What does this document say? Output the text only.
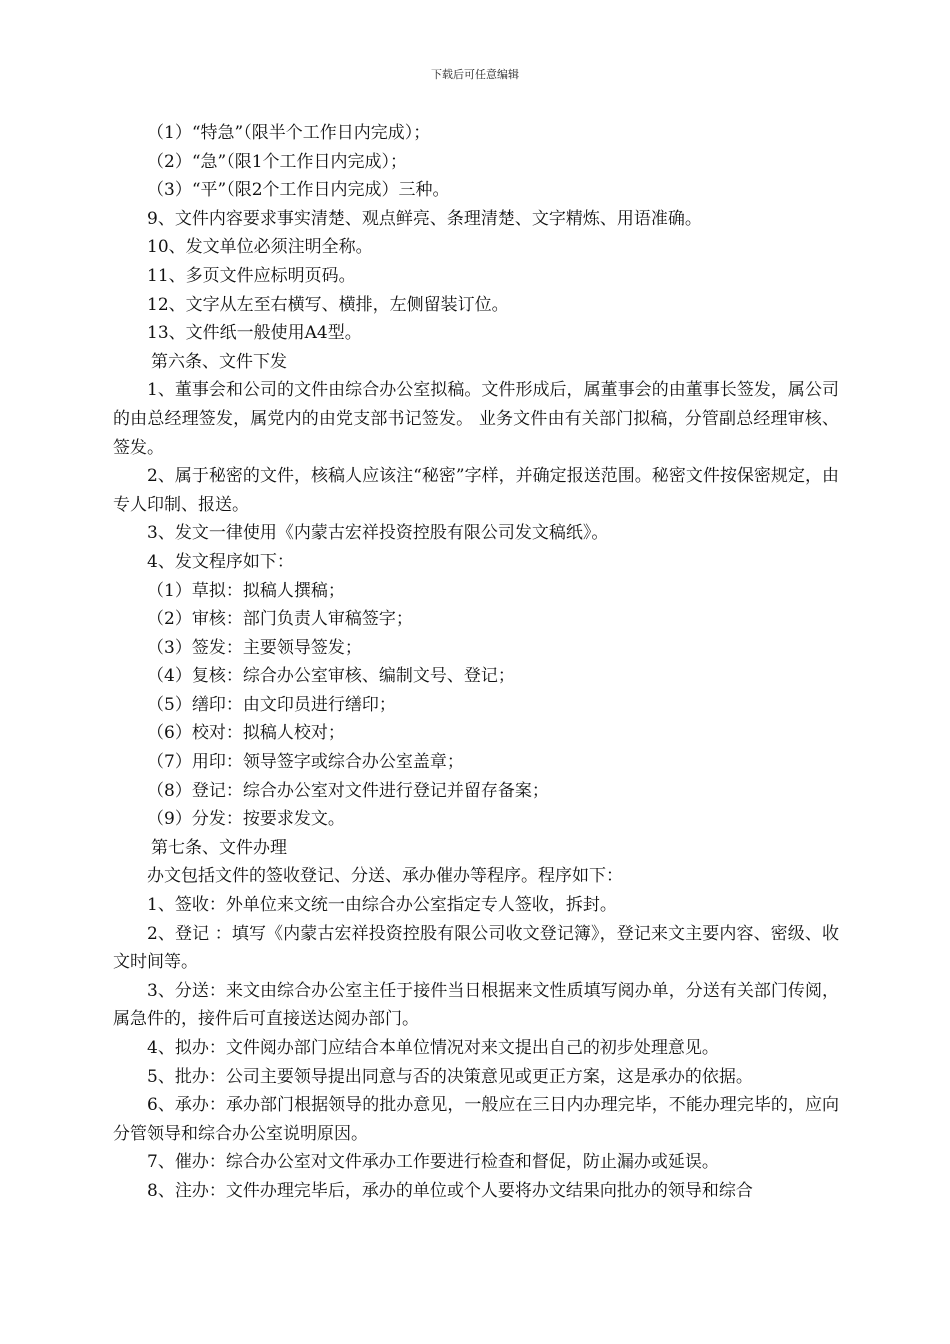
下载后可任意编辑

（1）“特急”（限半个工作日内完成）；

（2）“急”（限1个工作日内完成）；

（3）“平”（限2个工作日内完成）三种。

9、文件内容要求事实清楚、观点鲜亮、条理清楚、文字精炼、用语准确。

10、发文单位必须注明全称。

11、多页文件应标明页码。

12、文字从左至右横写、横排，左侧留装订位。

13、文件纸一般使用A4型。

第六条、文件下发

1、董事会和公司的文件由综合办公室拟稿。文件形成后，属董事会的由董事长签发，属公司的由总经理签发，属党内的由党支部书记签发。 业务文件由有关部门拟稿，分管副总经理审核、签发。

2、属于秘密的文件，核稿人应该注“秘密”字样，并确定报送范围。秘密文件按保密规定，由专人印制、报送。

3、发文一律使用《内蒙古宏祥投资控股有限公司发文稿纸》。

4、发文程序如下：

（1）草拟：拟稿人撰稿；

（2）审核：部门负责人审稿签字；

（3）签发：主要领导签发；

（4）复核：综合办公室审核、编制文号、登记；

（5）缮印：由文印员进行缮印；

（6）校对：拟稿人校对；

（7）用印：领导签字或综合办公室盖章；

（8）登记：综合办公室对文件进行登记并留存备案；

（9）分发：按要求发文。

第七条、文件办理

办文包括文件的签收登记、分送、承办催办等程序。程序如下：

1、签收：外单位来文统一由综合办公室指定专人签收，拆封。

2、登记 ：填写《内蒙古宏祥投资控股有限公司收文登记簿》，登记来文主要内容、密级、收文时间等。

3、分送：来文由综合办公室主任于接件当日根据来文性质填写阅办单，分送有关部门传阅，属急件的，接件后可直接送达阅办部门。

4、拟办：文件阅办部门应结合本单位情况对来文提出自己的初步处理意见。

5、批办：公司主要领导提出同意与否的决策意见或更正方案，这是承办的依据。

6、承办：承办部门根据领导的批办意见，一般应在三日内办理完毕，不能办理完毕的，应向分管领导和综合办公室说明原因。

7、催办：综合办公室对文件承办工作要进行检查和督促，防止漏办或延误。

8、注办：文件办理完毕后，承办的单位或个人要将办文结果向批办的领导和综合
